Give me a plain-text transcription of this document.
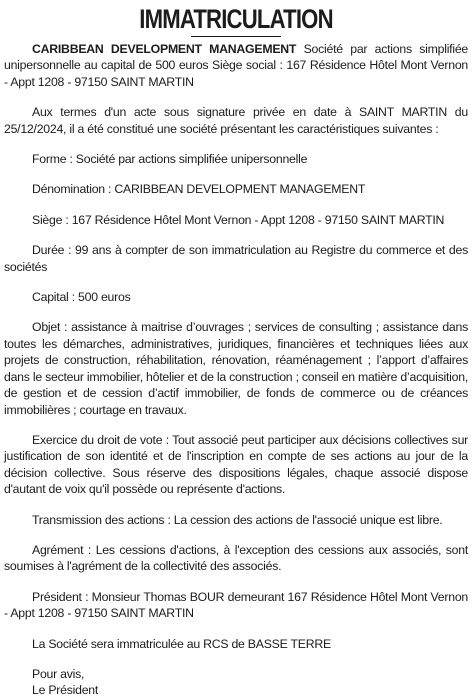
IMMATRICULATION

CARIBBEAN DEVELOPMENT MANAGEMENT Société par actions simplifiée unipersonnelle au capital de 500 euros Siège social : 167 Résidence Hôtel Mont Vernon - Appt 1208 - 97150 SAINT MARTIN

Aux termes d'un acte sous signature privée en date à SAINT MARTIN du 25/12/2024, il a été constitué une société présentant les caractéristiques suivantes :

Forme : Société par actions simplifiée unipersonnelle

Dénomination : CARIBBEAN DEVELOPMENT MANAGEMENT

Siège : 167 Résidence Hôtel Mont Vernon - Appt 1208 - 97150 SAINT MARTIN

Durée : 99 ans à compter de son immatriculation au Registre du commerce et des sociétés

Capital : 500 euros

Objet : assistance à maitrise d’ouvrages ; services de consulting ; assistance dans toutes les démarches, administratives, juridiques, financières et techniques liées aux projets de construction, réhabilitation, rénovation, réaménagement ; l’apport d’affaires dans le secteur immobilier, hôtelier et de la construction ; conseil en matière d’acquisition, de gestion et de cession d’actif immobilier, de fonds de commerce ou de créances immobilières ; courtage en travaux.

Exercice du droit de vote : Tout associé peut participer aux décisions collectives sur justification de son identité et de l'inscription en compte de ses actions au jour de la décision collective. Sous réserve des dispositions légales, chaque associé dispose d'autant de voix qu'il possède ou représente d'actions.

Transmission des actions : La cession des actions de l'associé unique est libre.

Agrément : Les cessions d'actions, à l'exception des cessions aux associés, sont soumises à l'agrément de la collectivité des associés.

Président : Monsieur Thomas BOUR demeurant 167 Résidence Hôtel Mont Vernon - Appt 1208 - 97150 SAINT MARTIN

La Société sera immatriculée au RCS de BASSE TERRE

Pour avis,
Le Président
